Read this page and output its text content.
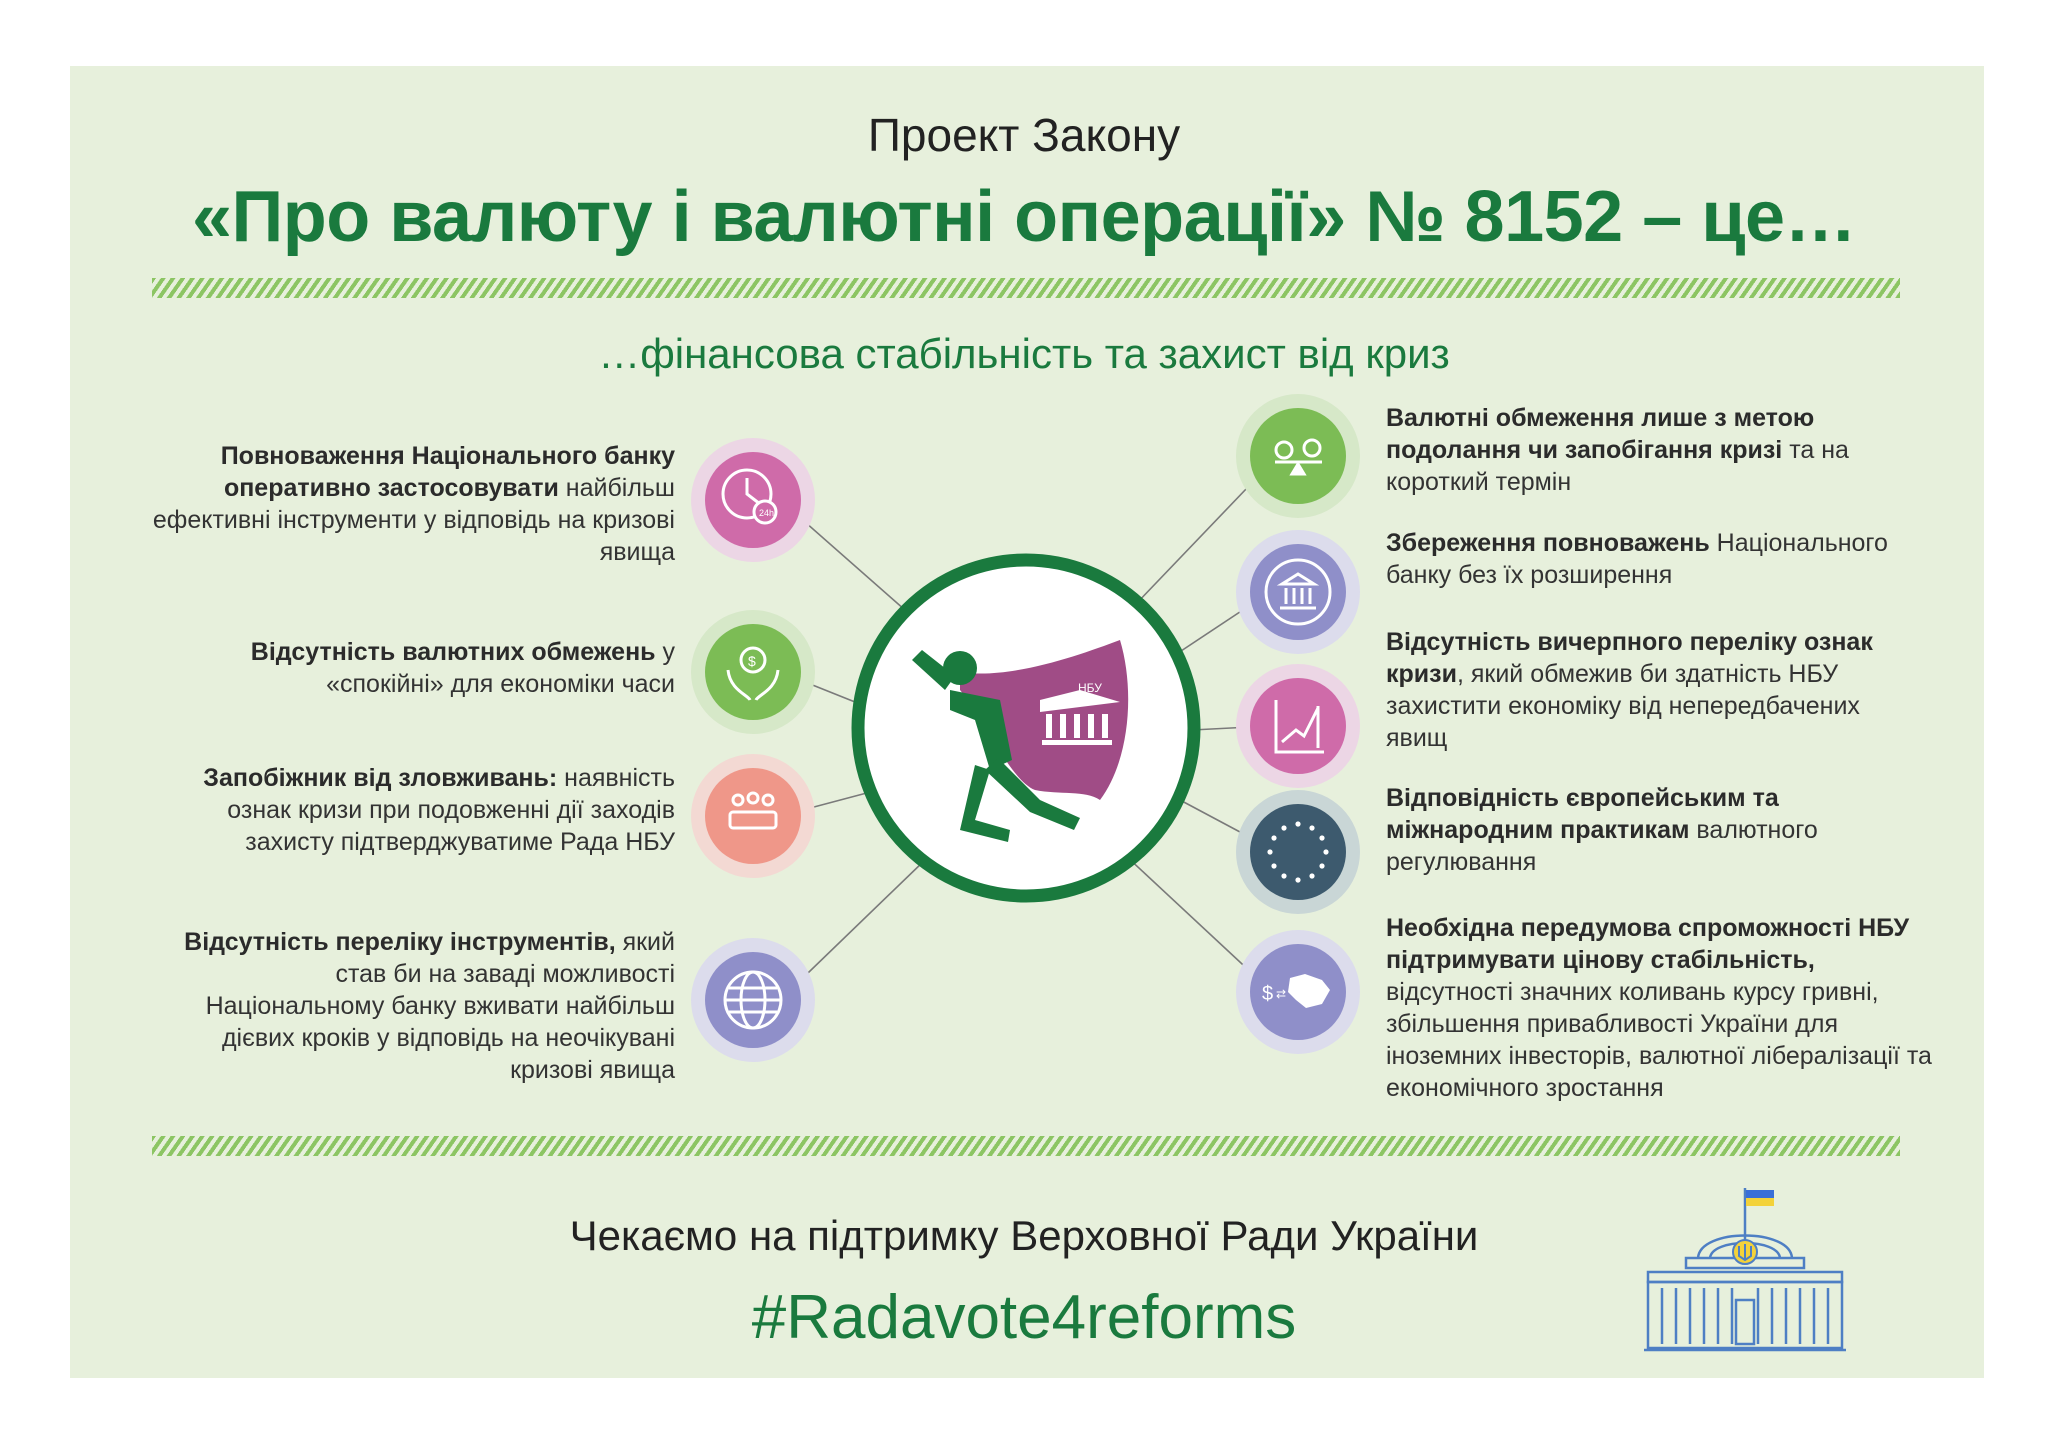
Проект Закону
«Про валюту і валютні операції» № 8152 – це…
…фінансова стабільність та захист від криз
НБУ
24h
$
$ ⇄
Повноваження Національного банку оперативно застосовувати найбільш ефективні інструменти у відповідь на кризові явища
Відсутність валютних обмежень у «спокійні» для економіки часи
Запобіжник від зловживань: наявність ознак кризи при подовженні дії заходів захисту підтверджуватиме Рада НБУ
Відсутність переліку інструментів, який став би на заваді можливості Національному банку вживати найбільш дієвих кроків у відповідь на неочікувані кризові явища
Валютні обмеження лише з метою подолання чи запобігання кризі та на короткий термін
Збереження повноважень Національного банку без їх розширення
Відсутність вичерпного переліку ознак кризи, який обмежив би здатність НБУ захистити економіку від непередбачених явищ
Відповідність європейським та міжнародним практикам валютного регулювання
Необхідна передумова спроможності НБУ підтримувати цінову стабільність, відсутності значних коливань курсу гривні, збільшення привабливості України для іноземних інвесторів, валютної лібералізації та економічного зростання
Чекаємо на підтримку Верховної Ради України
#Radavote4reforms
